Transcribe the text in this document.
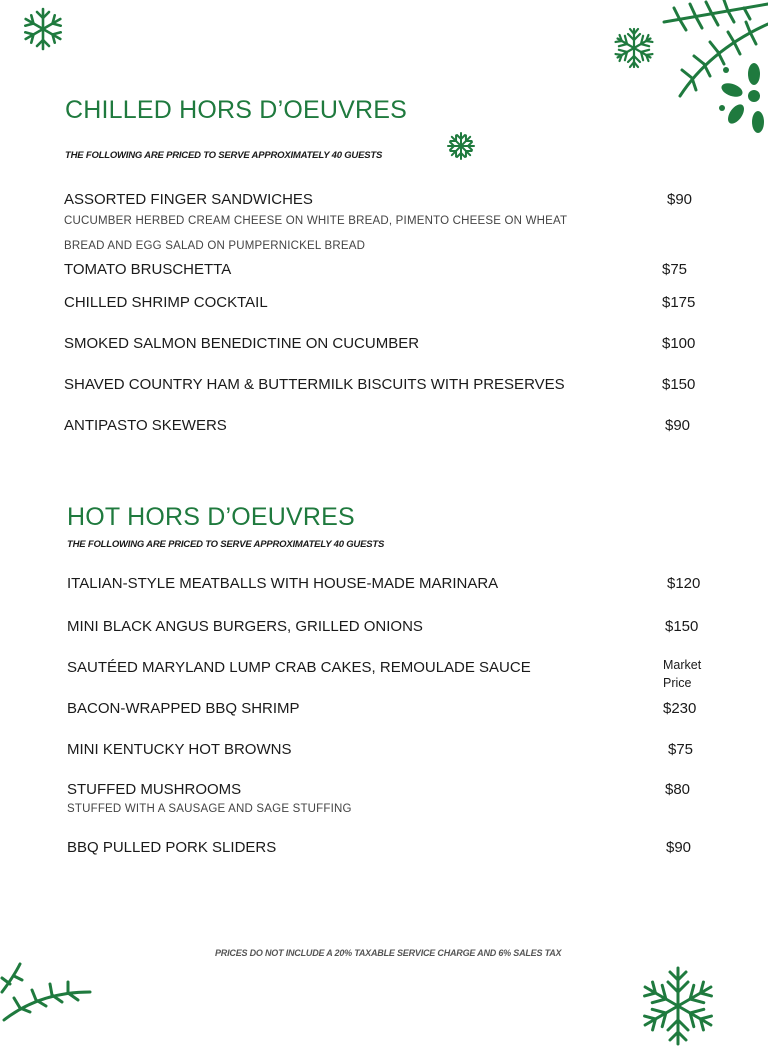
CHILLED HORS D’OEUVRES
THE FOLLOWING ARE PRICED TO SERVE APPROXIMATELY 40 GUESTS
ASSORTED FINGER SANDWICHES	$90
CUCUMBER HERBED CREAM CHEESE ON WHITE BREAD, PIMENTO CHEESE ON WHEAT
BREAD AND EGG SALAD ON PUMPERNICKEL BREAD
TOMATO BRUSCHETTA	$75
CHILLED SHRIMP COCKTAIL	$175
SMOKED SALMON BENEDICTINE ON CUCUMBER	$100
SHAVED COUNTRY HAM & BUTTERMILK BISCUITS WITH PRESERVES	$150
ANTIPASTO SKEWERS	$90
HOT HORS D’OEUVRES
THE FOLLOWING ARE PRICED TO SERVE APPROXIMATELY 40 GUESTS
ITALIAN-STYLE MEATBALLS WITH HOUSE-MADE MARINARA	$120
MINI BLACK ANGUS BURGERS, GRILLED ONIONS	$150
SAUTÉED MARYLAND LUMP CRAB CAKES, REMOULADE SAUCE	Market
Price
BACON-WRAPPED BBQ SHRIMP	$230
MINI KENTUCKY HOT BROWNS	$75
STUFFED MUSHROOMS	$80
STUFFED WITH A SAUSAGE AND SAGE STUFFING
BBQ PULLED PORK SLIDERS	$90
PRICES DO NOT INCLUDE A 20% TAXABLE SERVICE CHARGE AND 6% SALES TAX
